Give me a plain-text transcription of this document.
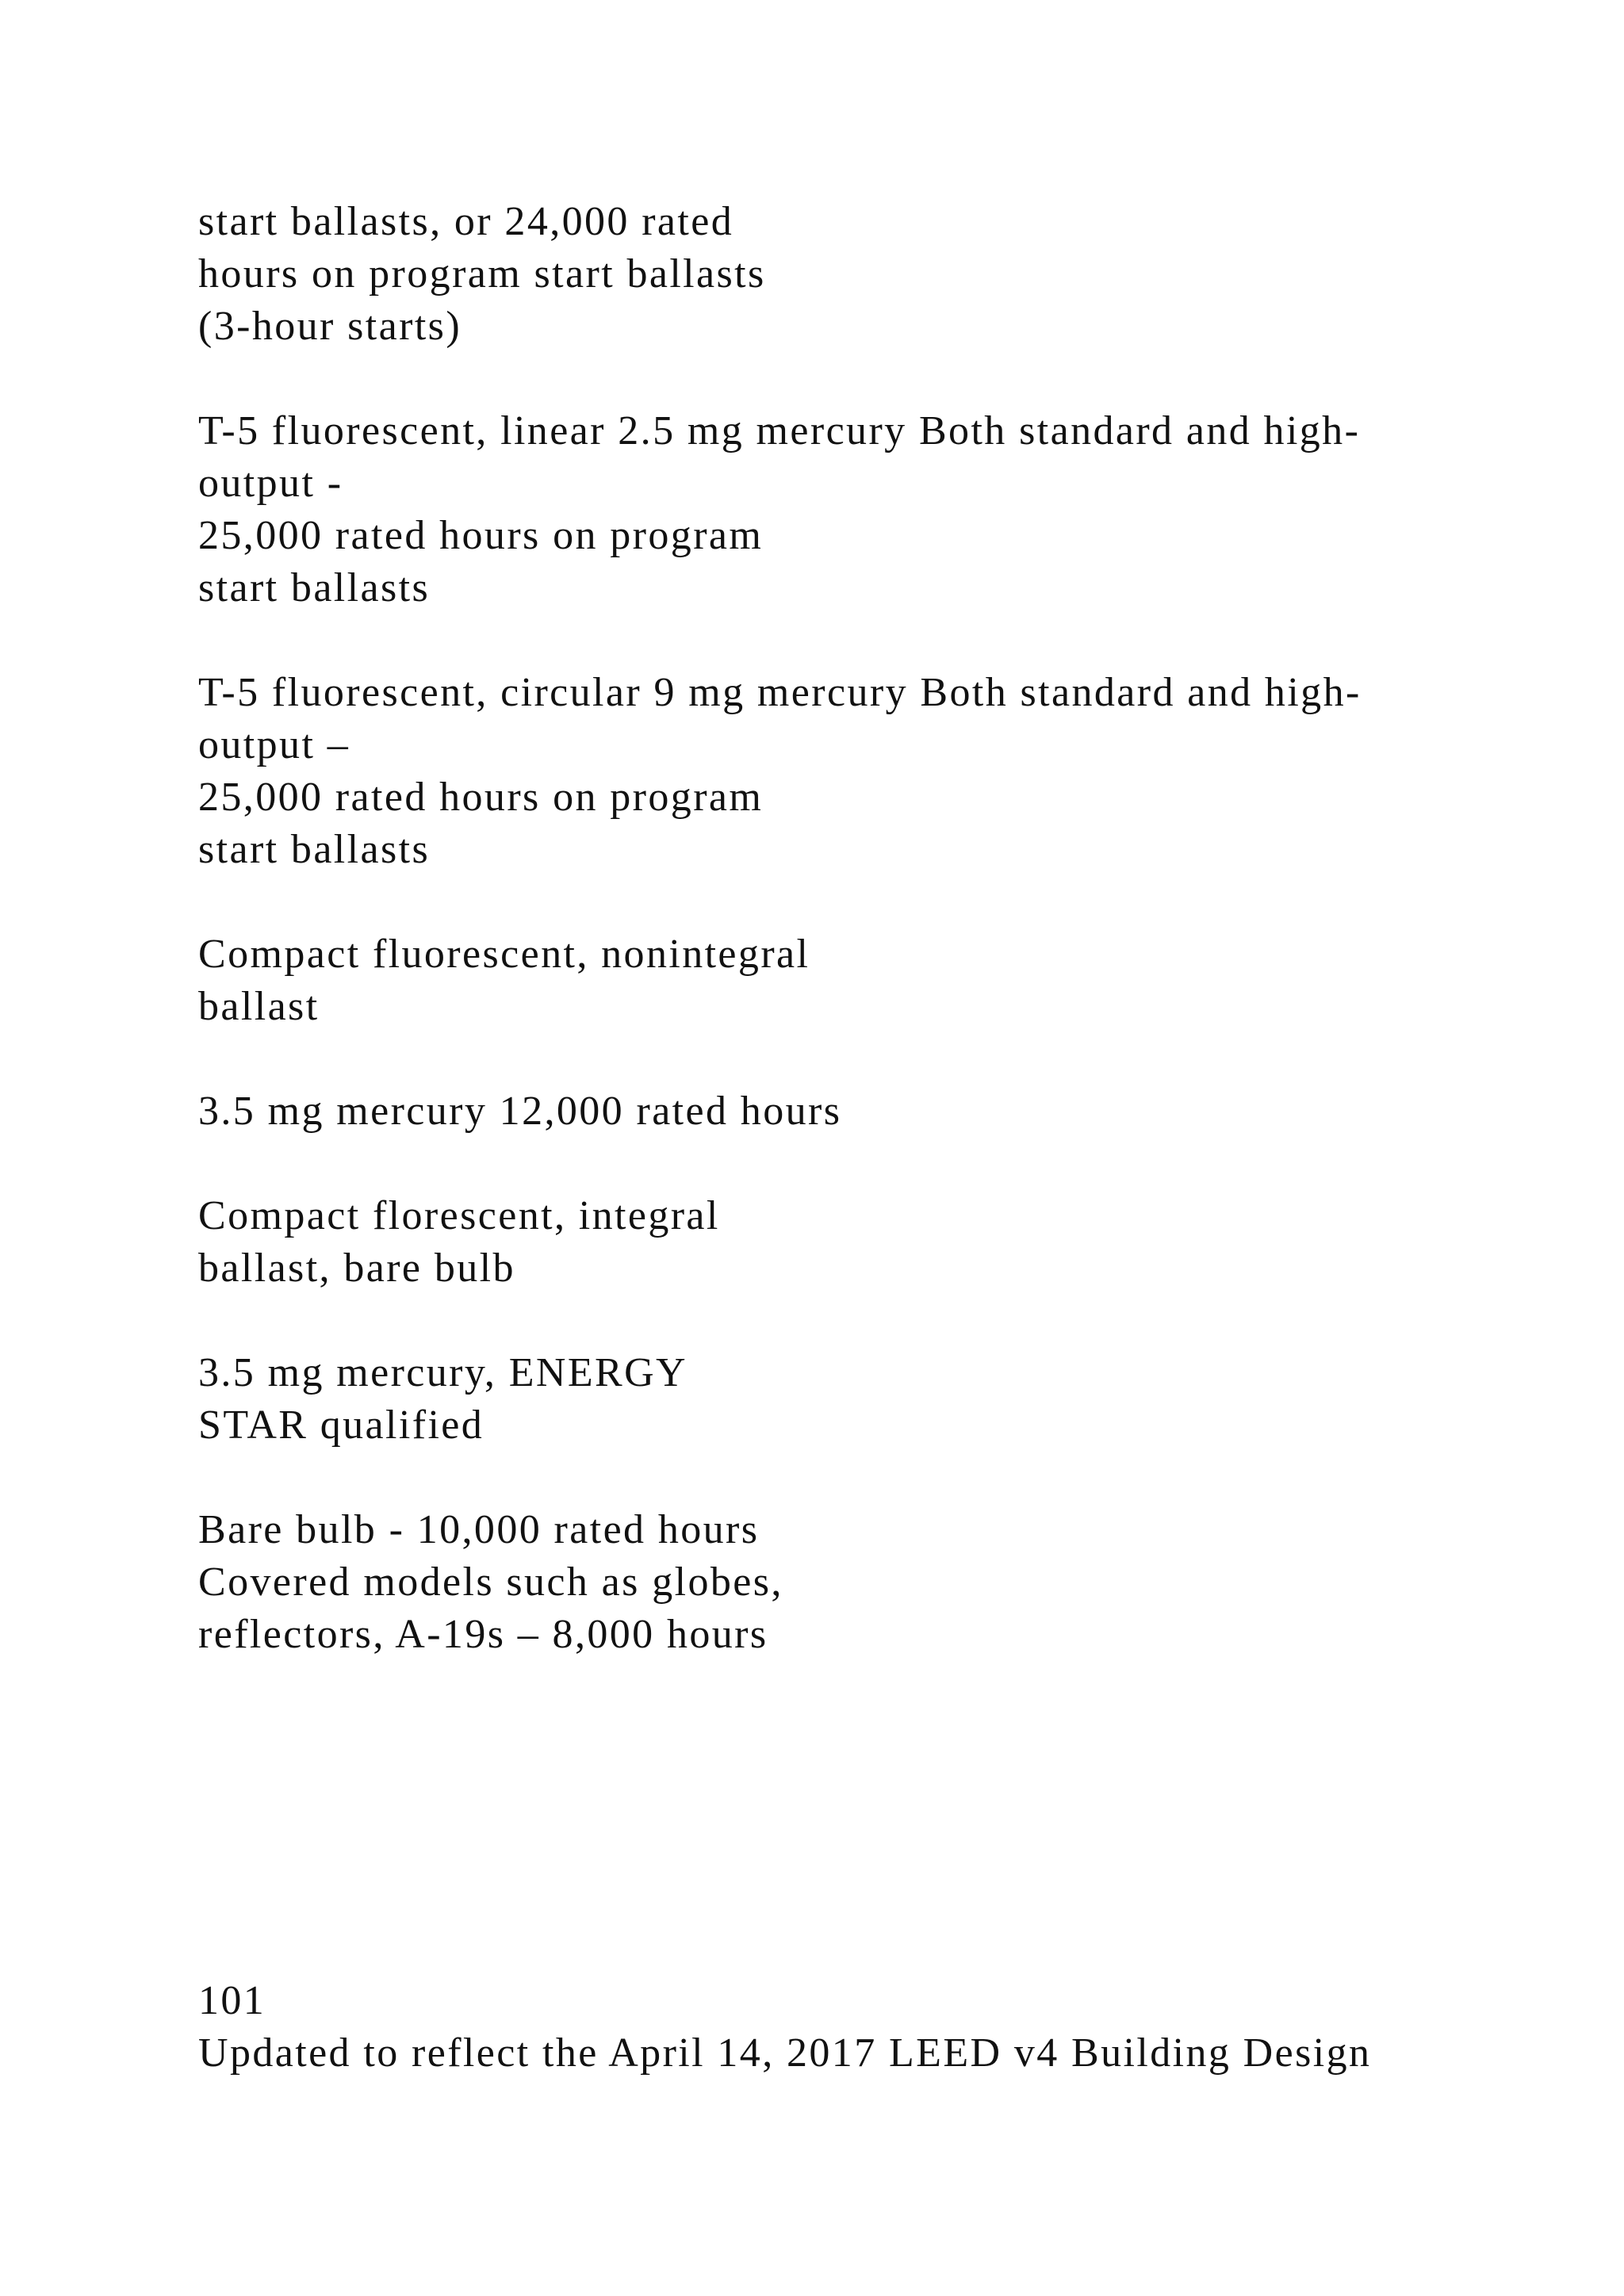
start ballasts, or 24,000 rated
hours on program start ballasts
(3-hour starts)
T-5 fluorescent, linear 2.5 mg mercury Both standard and high-
output -
25,000 rated hours on program
start ballasts
T-5 fluorescent, circular 9 mg mercury Both standard and high-
output –
25,000 rated hours on program
start ballasts
Compact fluorescent, nonintegral
ballast
3.5 mg mercury 12,000 rated hours
Compact florescent, integral
ballast, bare bulb
3.5 mg mercury, ENERGY
STAR qualified
Bare bulb - 10,000 rated hours
Covered models such as globes,
reflectors, A-19s – 8,000 hours
101
Updated to reflect the April 14, 2017 LEED v4 Building Design
